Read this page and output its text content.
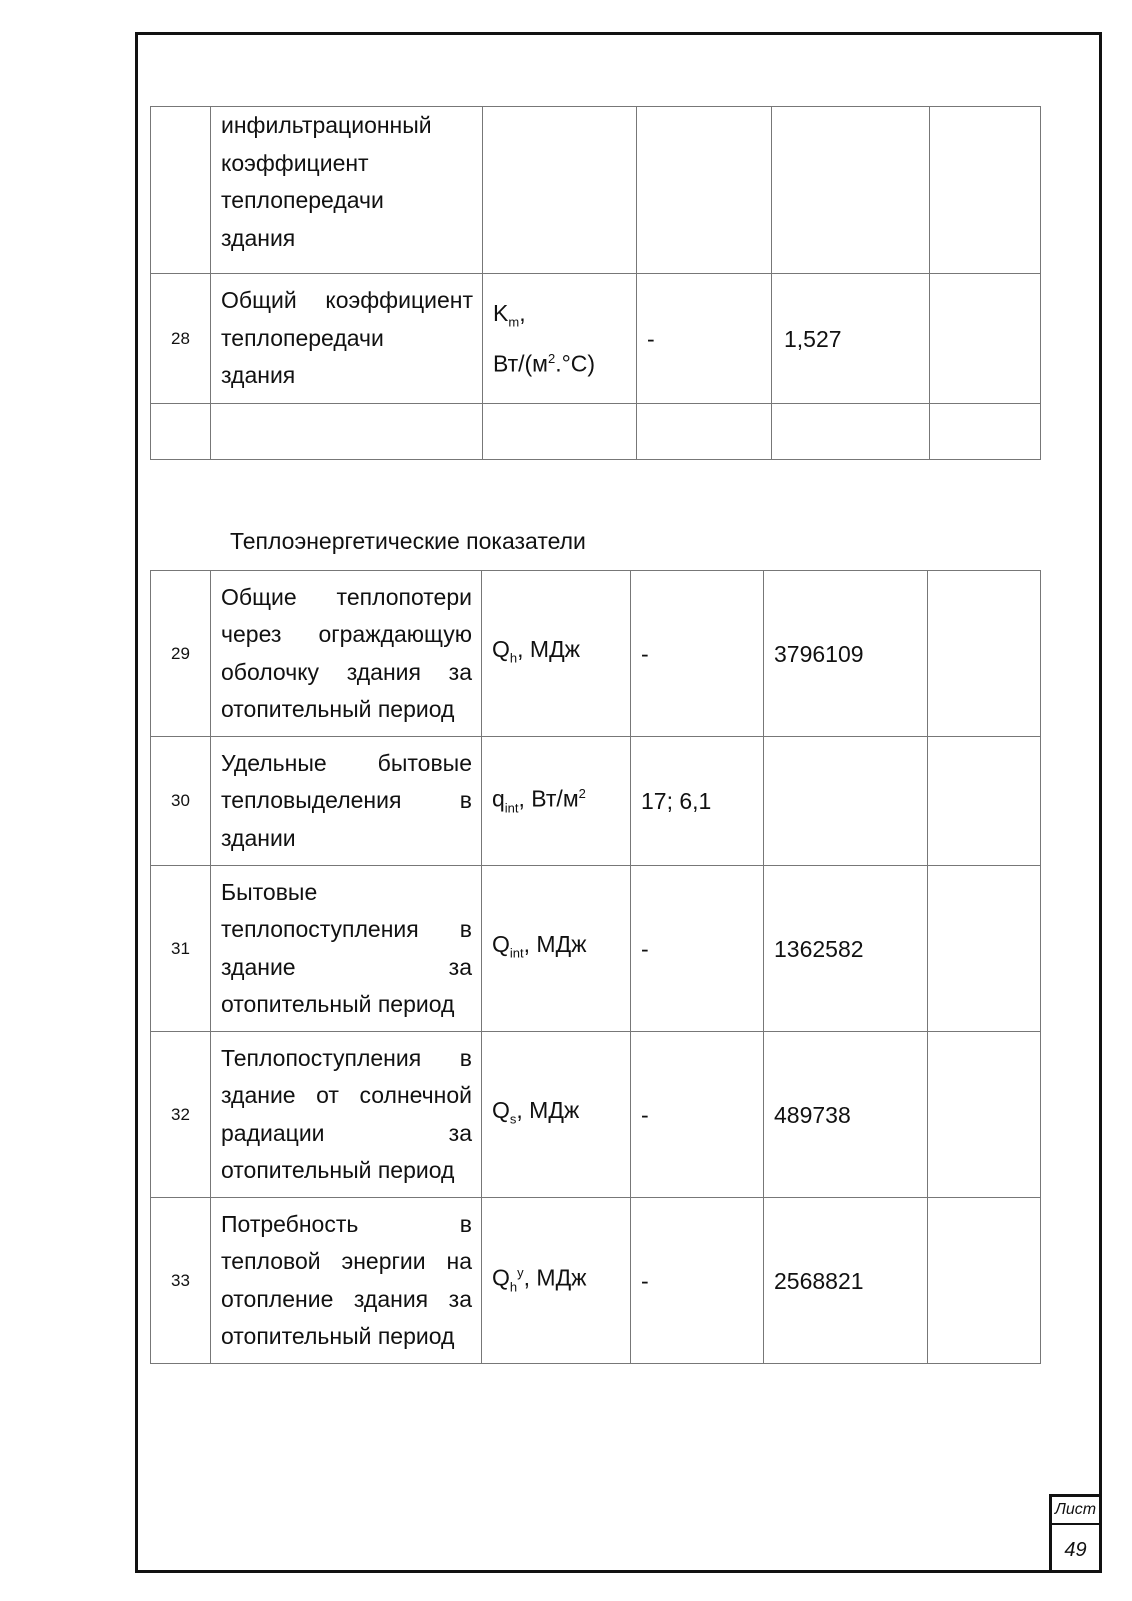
	инфильтрационный
коэффициент
теплопередачи
здания				

28	Общий коэффициент
теплопередачи
здания	$K_m$,
$Вт/(м^2.^\circ С)$	-	1,527	

Теплоэнергетические показатели
29	Общие теплопотери
через ограждающую
оболочку здания за
отопительный период	$Q_h$, МДж	-	3796109	
30	Удельные бытовые
тепловыделения в
здании	$q_{int}$, $Вт/м^2$	17; 6,1		
31	Бытовые
теплопоступления в
здание за
отопительный период	$Q_{int}$, МДж	-	1362582	
32	Теплопоступления в
здание от солнечной
радиации за
отопительный период	$Q_s$, МДж	-	489738	
33	Потребность в
тепловой энергии на
отопление здания за
отопительный период	$Q_h^y$, МДж	-	2568821	
Лист
49
